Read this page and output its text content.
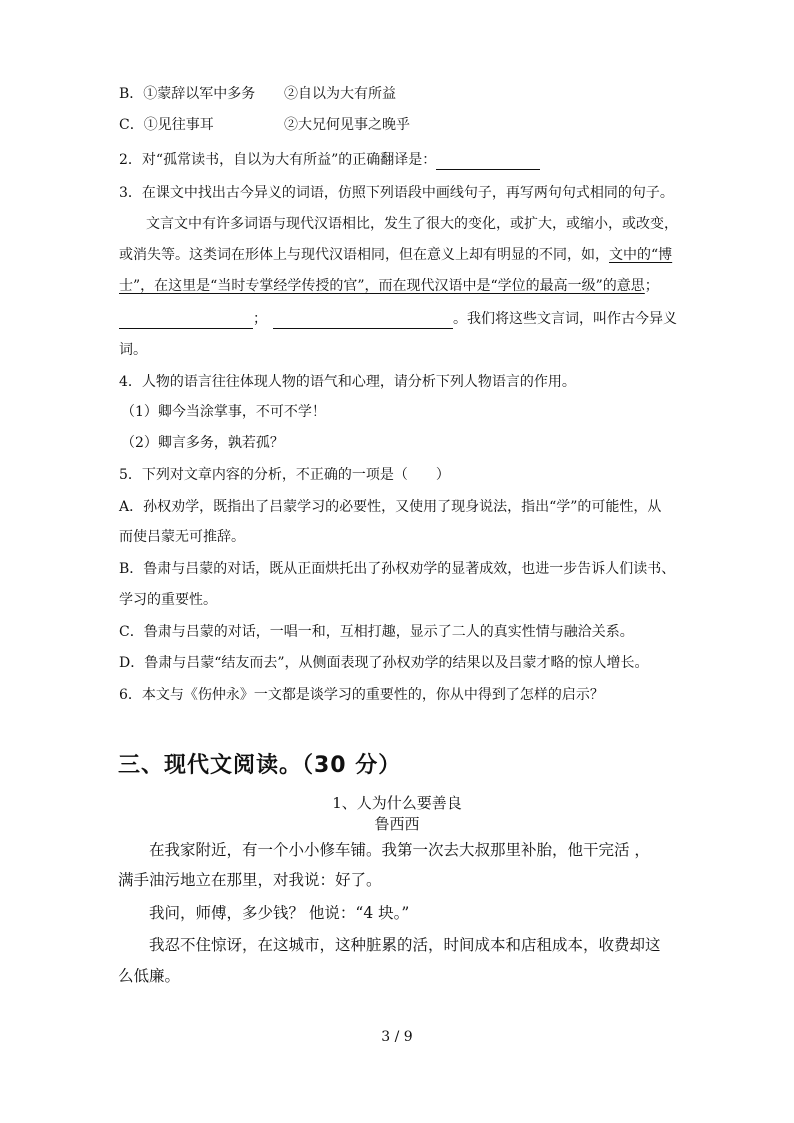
B．①蒙辞以军中多务	②自以为大有所益
C．①见往事耳	②大兄何见事之晚乎
2．对“孤常读书，自以为大有所益”的正确翻译是：
3．在课文中找出古今异义的词语，仿照下列语段中画线句子，再写两句句式相同的句子。
文言文中有许多词语与现代汉语相比，发生了很大的变化，或扩大，或缩小，或改变，
或消失等。这类词在形体上与现代汉语相同，但在意义上却有明显的不同，如，文中的“博
士”，在这里是“当时专掌经学传授的官”，而在现代汉语中是“学位的最高一级”的意思；
；	。我们将这些文言词，叫作古今异义
词。
4．人物的语言往往体现人物的语气和心理，请分析下列人物语言的作用。
（1）卿今当涂掌事，不可不学！
（2）卿言多务，孰若孤？
5．下列对文章内容的分析，不正确的一项是（　　）
A．孙权劝学，既指出了吕蒙学习的必要性，又使用了现身说法，指出“学”的可能性，从
而使吕蒙无可推辞。
B．鲁肃与吕蒙的对话，既从正面烘托出了孙权劝学的显著成效，也进一步告诉人们读书、
学习的重要性。
C．鲁肃与吕蒙的对话，一唱一和，互相打趣，显示了二人的真实性情与融洽关系。
D．鲁肃与吕蒙“结友而去”，从侧面表现了孙权劝学的结果以及吕蒙才略的惊人增长。
6．本文与《伤仲永》一文都是谈学习的重要性的，你从中得到了怎样的启示？
三、现代文阅读。（30 分）
1、人为什么要善良
鲁西西
在我家附近，有一个小小修车铺。我第一次去大叔那里补胎，他干完活 ，
满手油污地立在那里，对我说：好了。
我问，师傅，多少钱？ 他说：“4 块。”
我忍不住惊讶，在这城市，这种脏累的活，时间成本和店租成本，收费却这
么低廉。
3 / 9
